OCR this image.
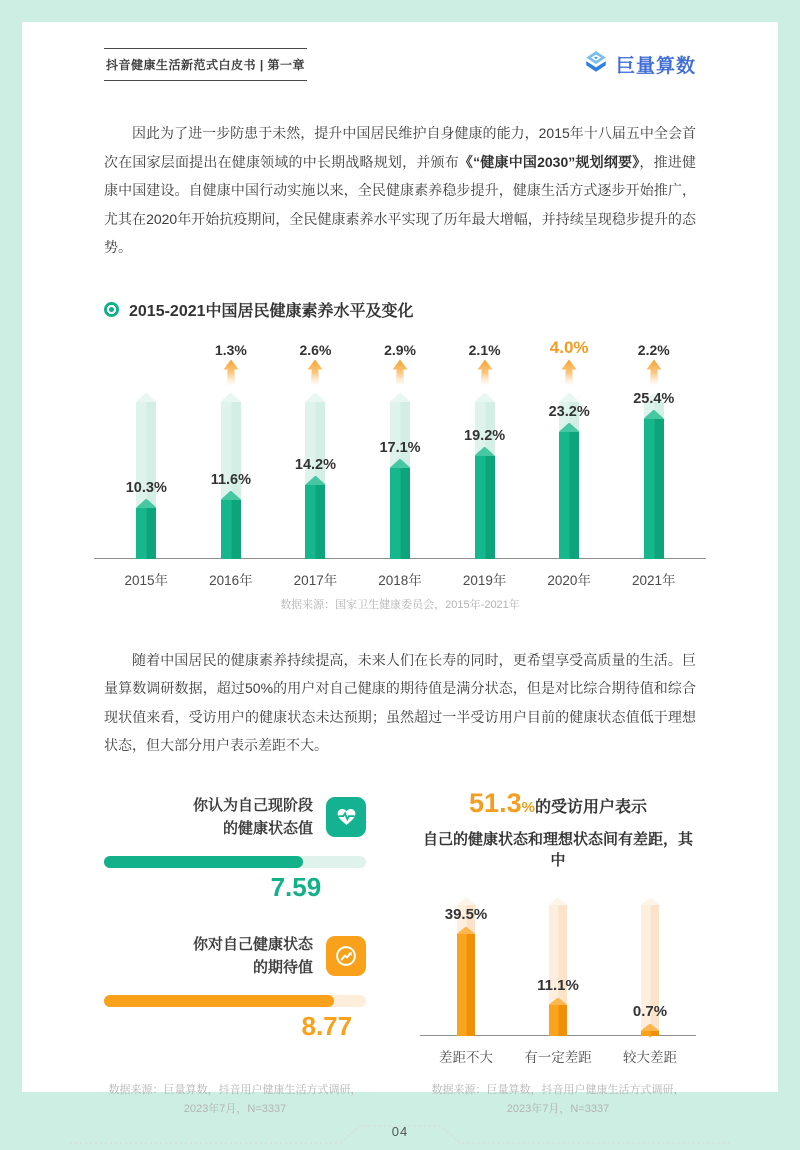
抖音健康生活新范式白皮书 | 第一章	巨量算数

因此为了进一步防患于未然，提升中国居民维护自身健康的能力，2015年十八届五中全会首次在国家层面提出在健康领域的中长期战略规划，并颁布《“健康中国2030”规划纲要》，推进健康中国建设。自健康中国行动实施以来，全民健康素养稳步提升，健康生活方式逐步开始推广，尤其在2020年开始抗疫期间，全民健康素养水平实现了历年最大增幅，并持续呈现稳步提升的态势。

2015-2021中国居民健康素养水平及变化
10.3%
2015年
1.3%
11.6%
2016年
2.6%
14.2%
2017年
2.9%
17.1%
2018年
2.1%
19.2%
2019年
4.0%
23.2%
2020年
2.2%
25.4%
2021年
数据来源：国家卫生健康委员会，2015年-2021年

随着中国居民的健康素养持续提高，未来人们在长寿的同时，更希望享受高质量的生活。巨量算数调研数据，超过50%的用户对自己健康的期待值是满分状态，但是对比综合期待值和综合现状值来看，受访用户的健康状态未达预期；虽然超过一半受访用户目前的健康状态值低于理想状态，但大部分用户表示差距不大。

你认为自己现阶段
的健康状态值
7.59
你对自己健康状态
的期待值
8.77
51.3%的受访用户表示
自己的健康状态和理想状态间有差距，其中
39.5%
差距不大
11.1%
有一定差距
0.7%
较大差距
数据来源：巨量算数，抖音用户健康生活方式调研，
2023年7月，N=3337
数据来源：巨量算数，抖音用户健康生活方式调研，
2023年7月，N=3337
04
